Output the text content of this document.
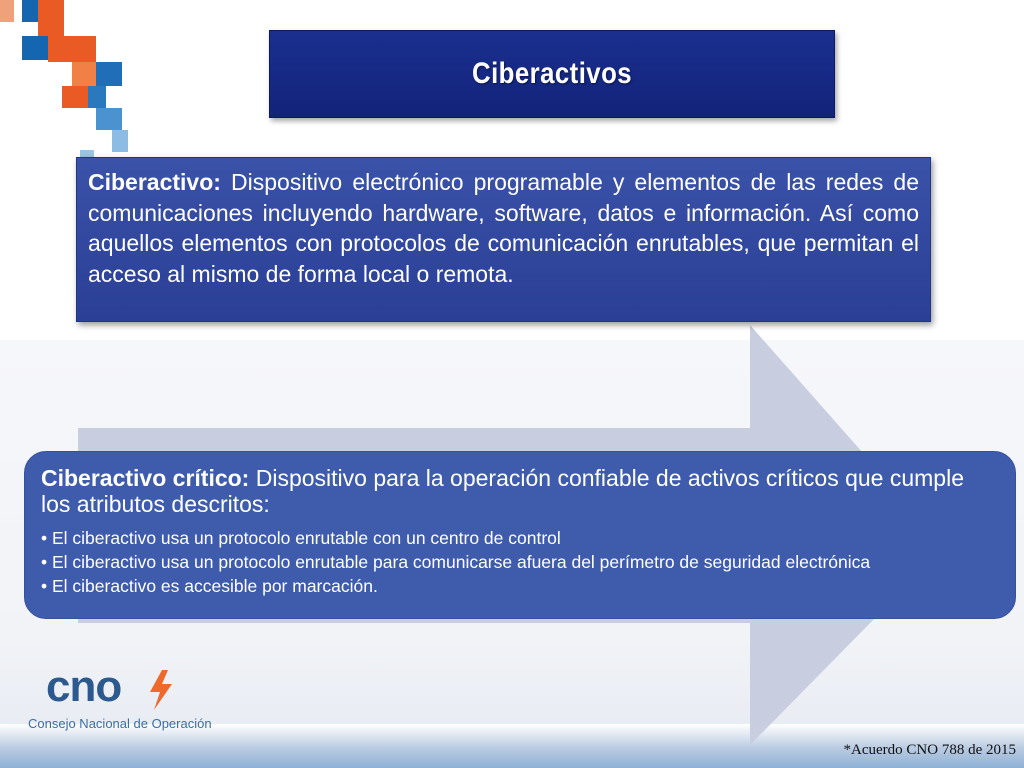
Ciberactivos
Ciberactivo: Dispositivo electrónico programable y elementos de las redes de comunicaciones incluyendo hardware, software, datos e información. Así como aquellos elementos con protocolos de comunicación enrutables, que permitan el acceso al mismo de forma local o remota.

Ciberactivo crítico: Dispositivo para la operación confiable de activos críticos que cumple los atributos descritos:

• El ciberactivo usa un protocolo enrutable con un centro de control
• El ciberactivo usa un protocolo enrutable para comunicarse afuera del perímetro de seguridad electrónica
• El ciberactivo es accesible por marcación.
cno
Consejo Nacional de Operación
*Acuerdo CNO 788 de 2015
